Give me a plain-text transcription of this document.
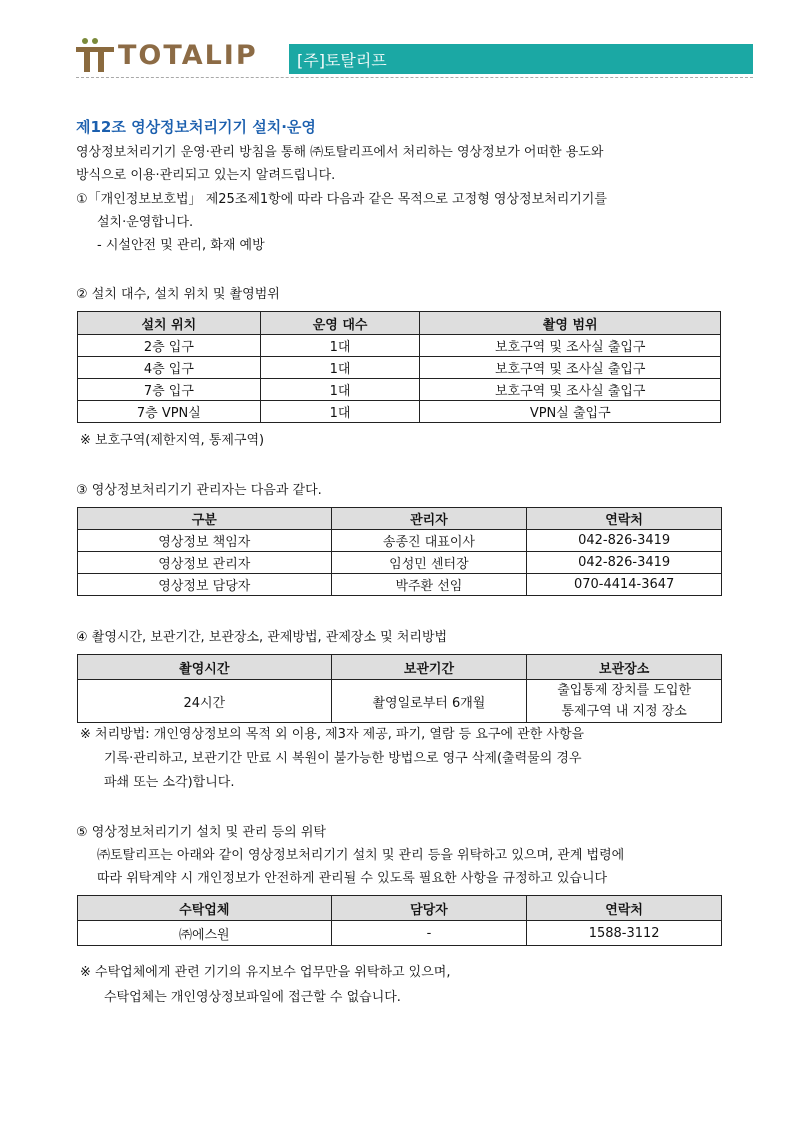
TOTALIP [주]토탈리프
제12조 영상정보처리기기 설치·운영
영상정보처리기기 운영·관리 방침을 통해 ㈜토탈리프에서 처리하는 영상정보가 어떠한 용도와
방식으로 이용·관리되고 있는지 알려드립니다.
①「개인정보보호법」 제25조제1항에 따라 다음과 같은 목적으로 고정형 영상정보처리기기를
설치·운영합니다.
- 시설안전 및 관리, 화재 예방
② 설치 대수, 설치 위치 및 촬영범위
설치 위치	운영 대수	촬영 범위
2층 입구	1대	보호구역 및 조사실 출입구
4층 입구	1대	보호구역 및 조사실 출입구
7층 입구	1대	보호구역 및 조사실 출입구
7층 VPN실	1대	VPN실 출입구
※ 보호구역(제한지역, 통제구역)
③ 영상정보처리기기 관리자는 다음과 같다.
구분	관리자	연락처
영상정보 책임자	송종진 대표이사	042-826-3419
영상정보 관리자	임성민 센터장	042-826-3419
영상정보 담당자	박주환 선임	070-4414-3647
④ 촬영시간, 보관기간, 보관장소, 관제방법, 관제장소 및 처리방법
촬영시간	보관기간	보관장소
24시간	촬영일로부터 6개월	출입통제 장치를 도입한
통제구역 내 지정 장소
※ 처리방법: 개인영상정보의 목적 외 이용, 제3자 제공, 파기, 열람 등 요구에 관한 사항을
기록·관리하고, 보관기간 만료 시 복원이 불가능한 방법으로 영구 삭제(출력물의 경우
파쇄 또는 소각)합니다.
⑤ 영상정보처리기기 설치 및 관리 등의 위탁
㈜토탈리프는 아래와 같이 영상정보처리기기 설치 및 관리 등을 위탁하고 있으며, 관계 법령에
따라 위탁계약 시 개인정보가 안전하게 관리될 수 있도록 필요한 사항을 규정하고 있습니다
수탁업체	담당자	연락처
㈜에스원	-	1588-3112
※ 수탁업체에게 관련 기기의 유지보수 업무만을 위탁하고 있으며,
수탁업체는 개인영상정보파일에 접근할 수 없습니다.
